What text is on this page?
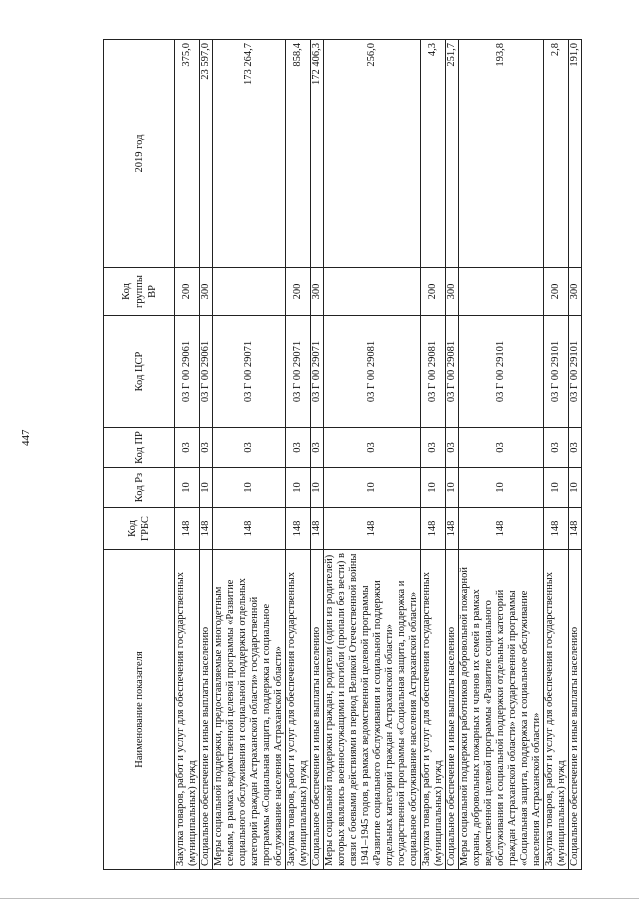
447
Наименование показателя	Код ГРБС	Код Рз	Код ПР	Код ЦСР	Код группы ВР	2019 год
Закупка товаров, работ и услуг для обеспечения государственных (муниципальных) нужд	148	10	03	03 Г 00 29061	200	375,0
Социальное обеспечение и иные выплаты населению	148	10	03	03 Г 00 29061	300	23 597,0
Меры социальной поддержки, предоставляемые многодетным семьям, в рамках ведомственной целевой программы «Развитие социального обслуживания и социальной поддержки отдельных категорий граждан Астраханской области» государственной программы «Социальная защита, поддержка и социальное обслуживание населения Астраханской области»	148	10	03	03 Г 00 29071		173 264,7
Закупка товаров, работ и услуг для обеспечения государственных (муниципальных) нужд	148	10	03	03 Г 00 29071	200	858,4
Социальное обеспечение и иные выплаты населению	148	10	03	03 Г 00 29071	300	172 406,3
Меры социальной поддержки граждан, родители (один из родителей) которых являлись военнослужащими и погибли (пропали без вести) в связи с боевыми действиями в период Великой Отечественной войны 1941–1945 годов, в рамках ведомственной целевой программы «Развитие социального обслуживания и социальной поддержки отдельных категорий граждан Астраханской области» государственной программы «Социальная защита, поддержка и социальное обслуживание населения Астраханской области»	148	10	03	03 Г 00 29081		256,0
Закупка товаров, работ и услуг для обеспечения государственных (муниципальных) нужд	148	10	03	03 Г 00 29081	200	4,3
Социальное обеспечение и иные выплаты населению	148	10	03	03 Г 00 29081	300	251,7
Меры социальной поддержки работников добровольной пожарной охраны, добровольных пожарных и членов их семей в рамках ведомственной целевой программы «Развитие социального обслуживания и социальной поддержки отдельных категорий граждан Астраханской области» государственной программы «Социальная защита, поддержка и социальное обслуживание населения Астраханской области»	148	10	03	03 Г 00 29101		193,8
Закупка товаров, работ и услуг для обеспечения государственных (муниципальных) нужд	148	10	03	03 Г 00 29101	200	2,8
Социальное обеспечение и иные выплаты населению	148	10	03	03 Г 00 29101	300	191,0
